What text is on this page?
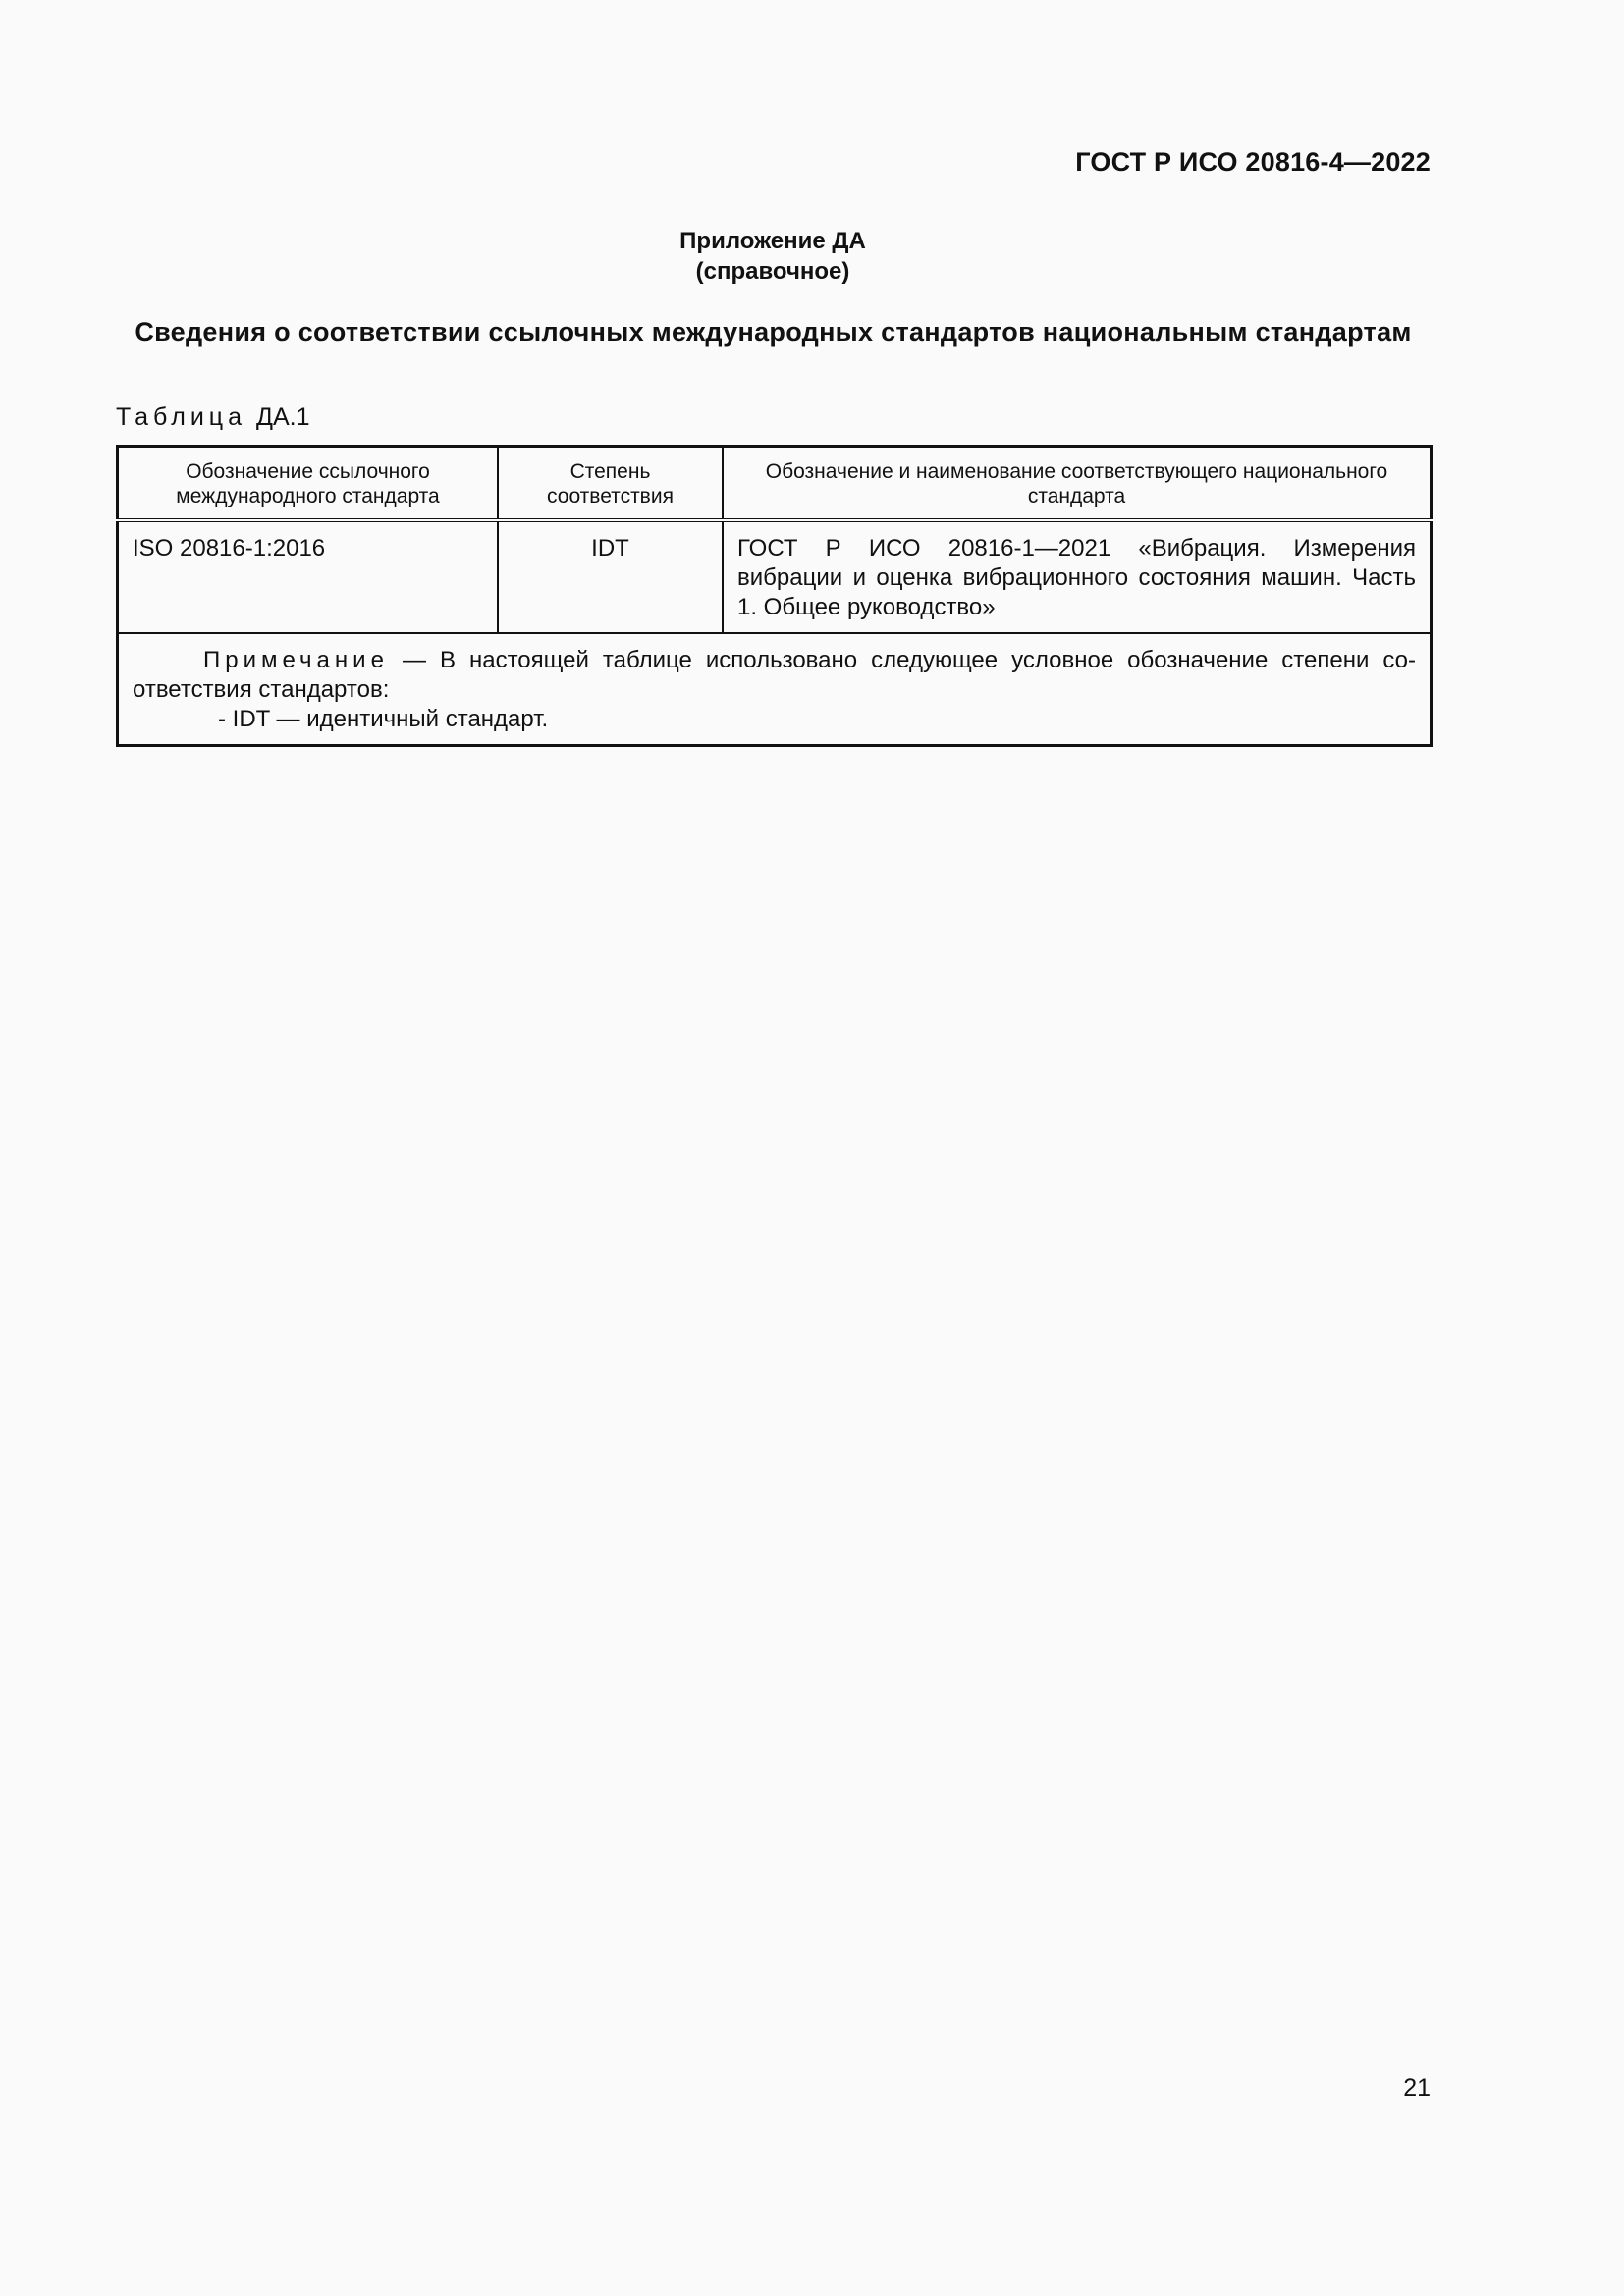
ГОСТ Р ИСО 20816-4—2022
Приложение ДА
(справочное)
Сведения о соответствии ссылочных международных стандартов национальным стандартам
Таблица ДА.1
Обозначение ссылочного международного стандарта	Степень соответствия	Обозначение и наименование соответствующего национального стандарта
ISO 20816-1:2016	IDT	ГОСТ Р ИСО 20816-1—2021 «Вибрация. Измерения вибрации и оценка вибрационного состояния машин. Часть 1. Общее руководство»

Примечание — В настоящей таблице использовано следующее условное обозначение степени со-ответствия стандартов:

- IDT — идентичный стандарт.		

21
